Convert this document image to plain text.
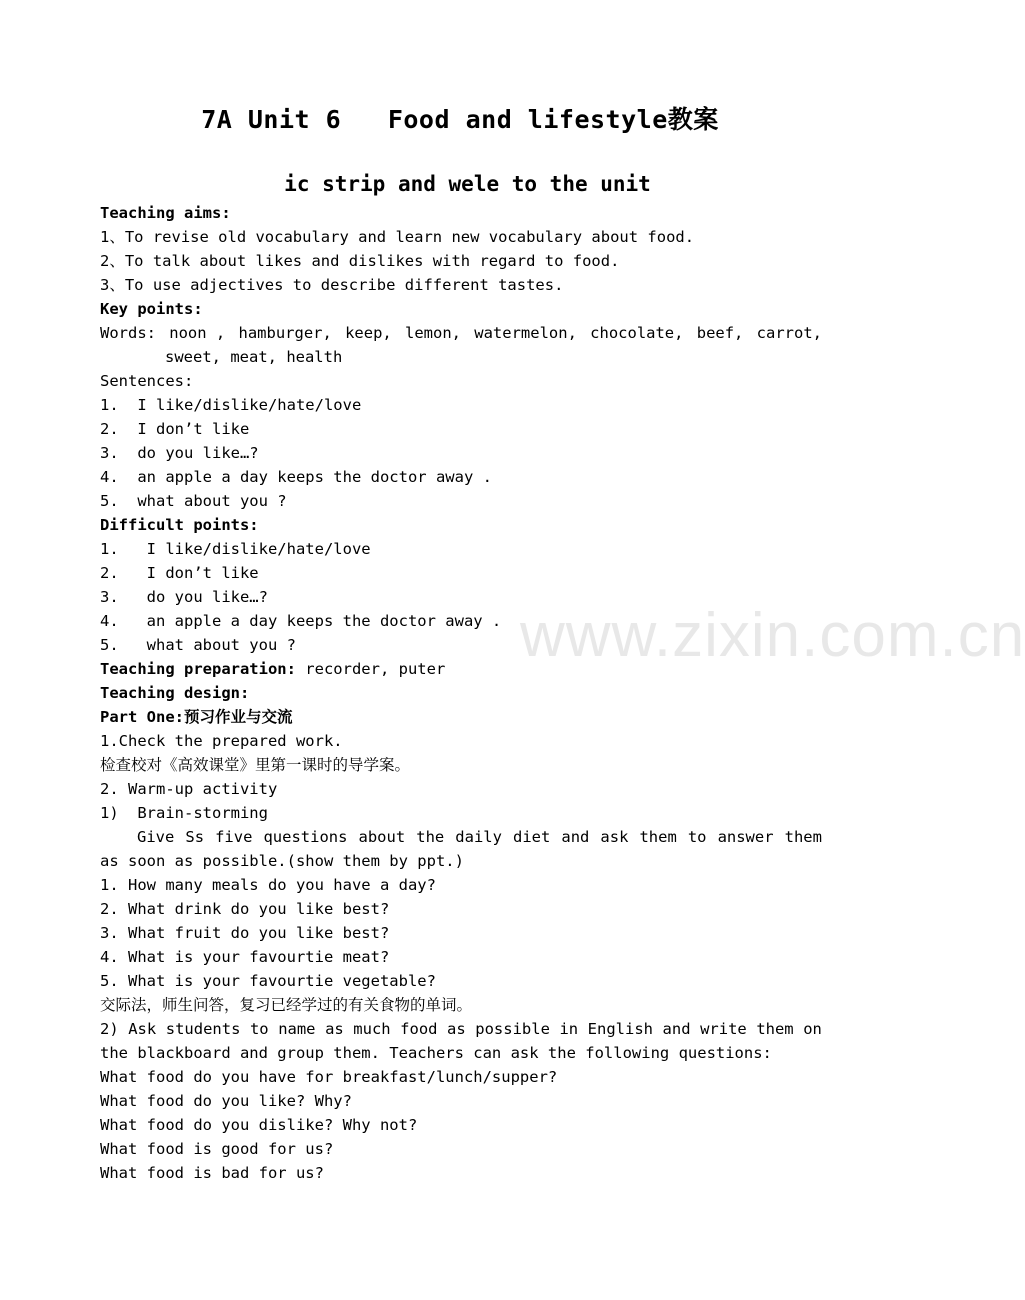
7A Unit 6   Food and lifestyle教案
ic strip and wele to the unit
Teaching aims:
1、To revise old vocabulary and learn new vocabulary about food.
2、To talk about likes and dislikes with regard to food.
3、To use adjectives to describe different tastes.
Key points:
Words: noon , hamburger, keep, lemon, watermelon, chocolate, beef, carrot,
sweet, meat, health
Sentences:
1.  I like/dislike/hate/love
2.  I don’t like
3.  do you like…?
4.  an apple a day keeps the doctor away .
5.  what about you ?
Difficult points:
1.   I like/dislike/hate/love
2.   I don’t like
3.   do you like…?
4.   an apple a day keeps the doctor away .
5.   what about you ?
Teaching preparation: recorder, puter
Teaching design:
Part One:预习作业与交流
1.Check the prepared work.
检查校对《高效课堂》里第一课时的导学案。
2. Warm-up activity
1)  Brain-storming
Give Ss five questions about the daily diet and ask them to answer them
as soon as possible.(show them by ppt.)
1. How many meals do you have a day?
2. What drink do you like best?
3. What fruit do you like best?
4. What is your favourtie meat?
5. What is your favourtie vegetable?
交际法，师生问答，复习已经学过的有关食物的单词。
2) Ask students to name as much food as possible in English and write them on
the blackboard and group them. Teachers can ask the following questions:
What food do you have for breakfast/lunch/supper?
What food do you like? Why?
What food do you dislike? Why not?
What food is good for us?
What food is bad for us?
www.zixin.com.cn
